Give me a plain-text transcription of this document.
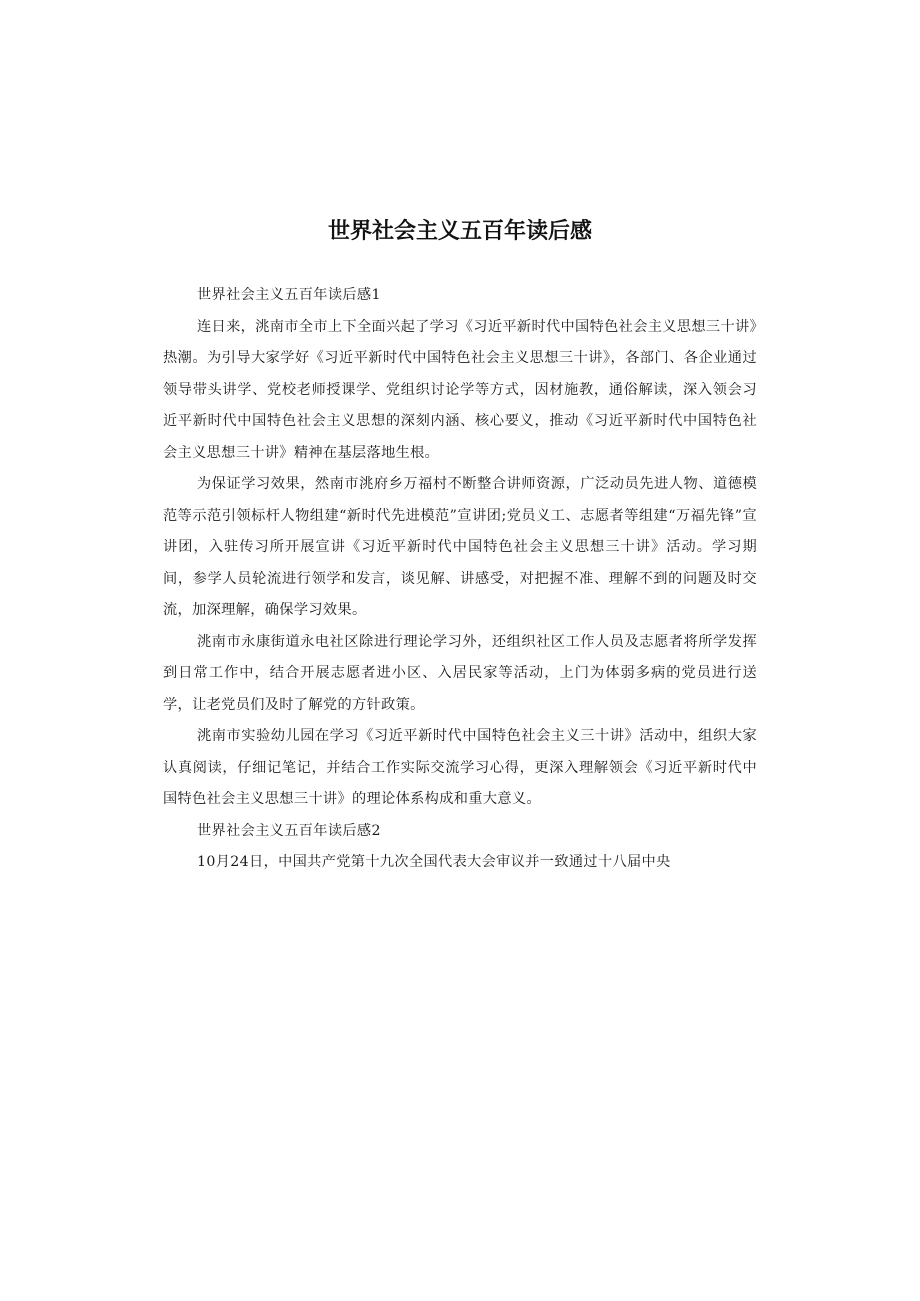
世界社会主义五百年读后感

世界社会主义五百年读后感1

连日来，洮南市全市上下全面兴起了学习《习近平新时代中国特色社会主义思想三十讲》热潮。为引导大家学好《习近平新时代中国特色社会主义思想三十讲》，各部门、各企业通过领导带头讲学、党校老师授课学、党组织讨论学等方式，因材施教，通俗解读，深入领会习近平新时代中国特色社会主义思想的深刻内涵、核心要义，推动《习近平新时代中国特色社会主义思想三十讲》精神在基层落地生根。

为保证学习效果，然南市洮府乡万福村不断整合讲师资源，广泛动员先进人物、道德模范等示范引领标杆人物组建“新时代先进模范”宣讲团;党员义工、志愿者等组建“万福先锋”宣讲团，入驻传习所开展宣讲《习近平新时代中国特色社会主义思想三十讲》活动。学习期间，参学人员轮流进行领学和发言，谈见解、讲感受，对把握不准、理解不到的问题及时交流，加深理解，确保学习效果。

洮南市永康街道永电社区除进行理论学习外，还组织社区工作人员及志愿者将所学发挥到日常工作中，结合开展志愿者进小区、入居民家等活动，上门为体弱多病的党员进行送学，让老党员们及时了解党的方针政策。

洮南市实验幼儿园在学习《习近平新时代中国特色社会主义三十讲》活动中，组织大家认真阅读，仔细记笔记，并结合工作实际交流学习心得，更深入理解领会《习近平新时代中国特色社会主义思想三十讲》的理论体系构成和重大意义。

世界社会主义五百年读后感2

10月24日，中国共产党第十九次全国代表大会审议并一致通过十八届中央
